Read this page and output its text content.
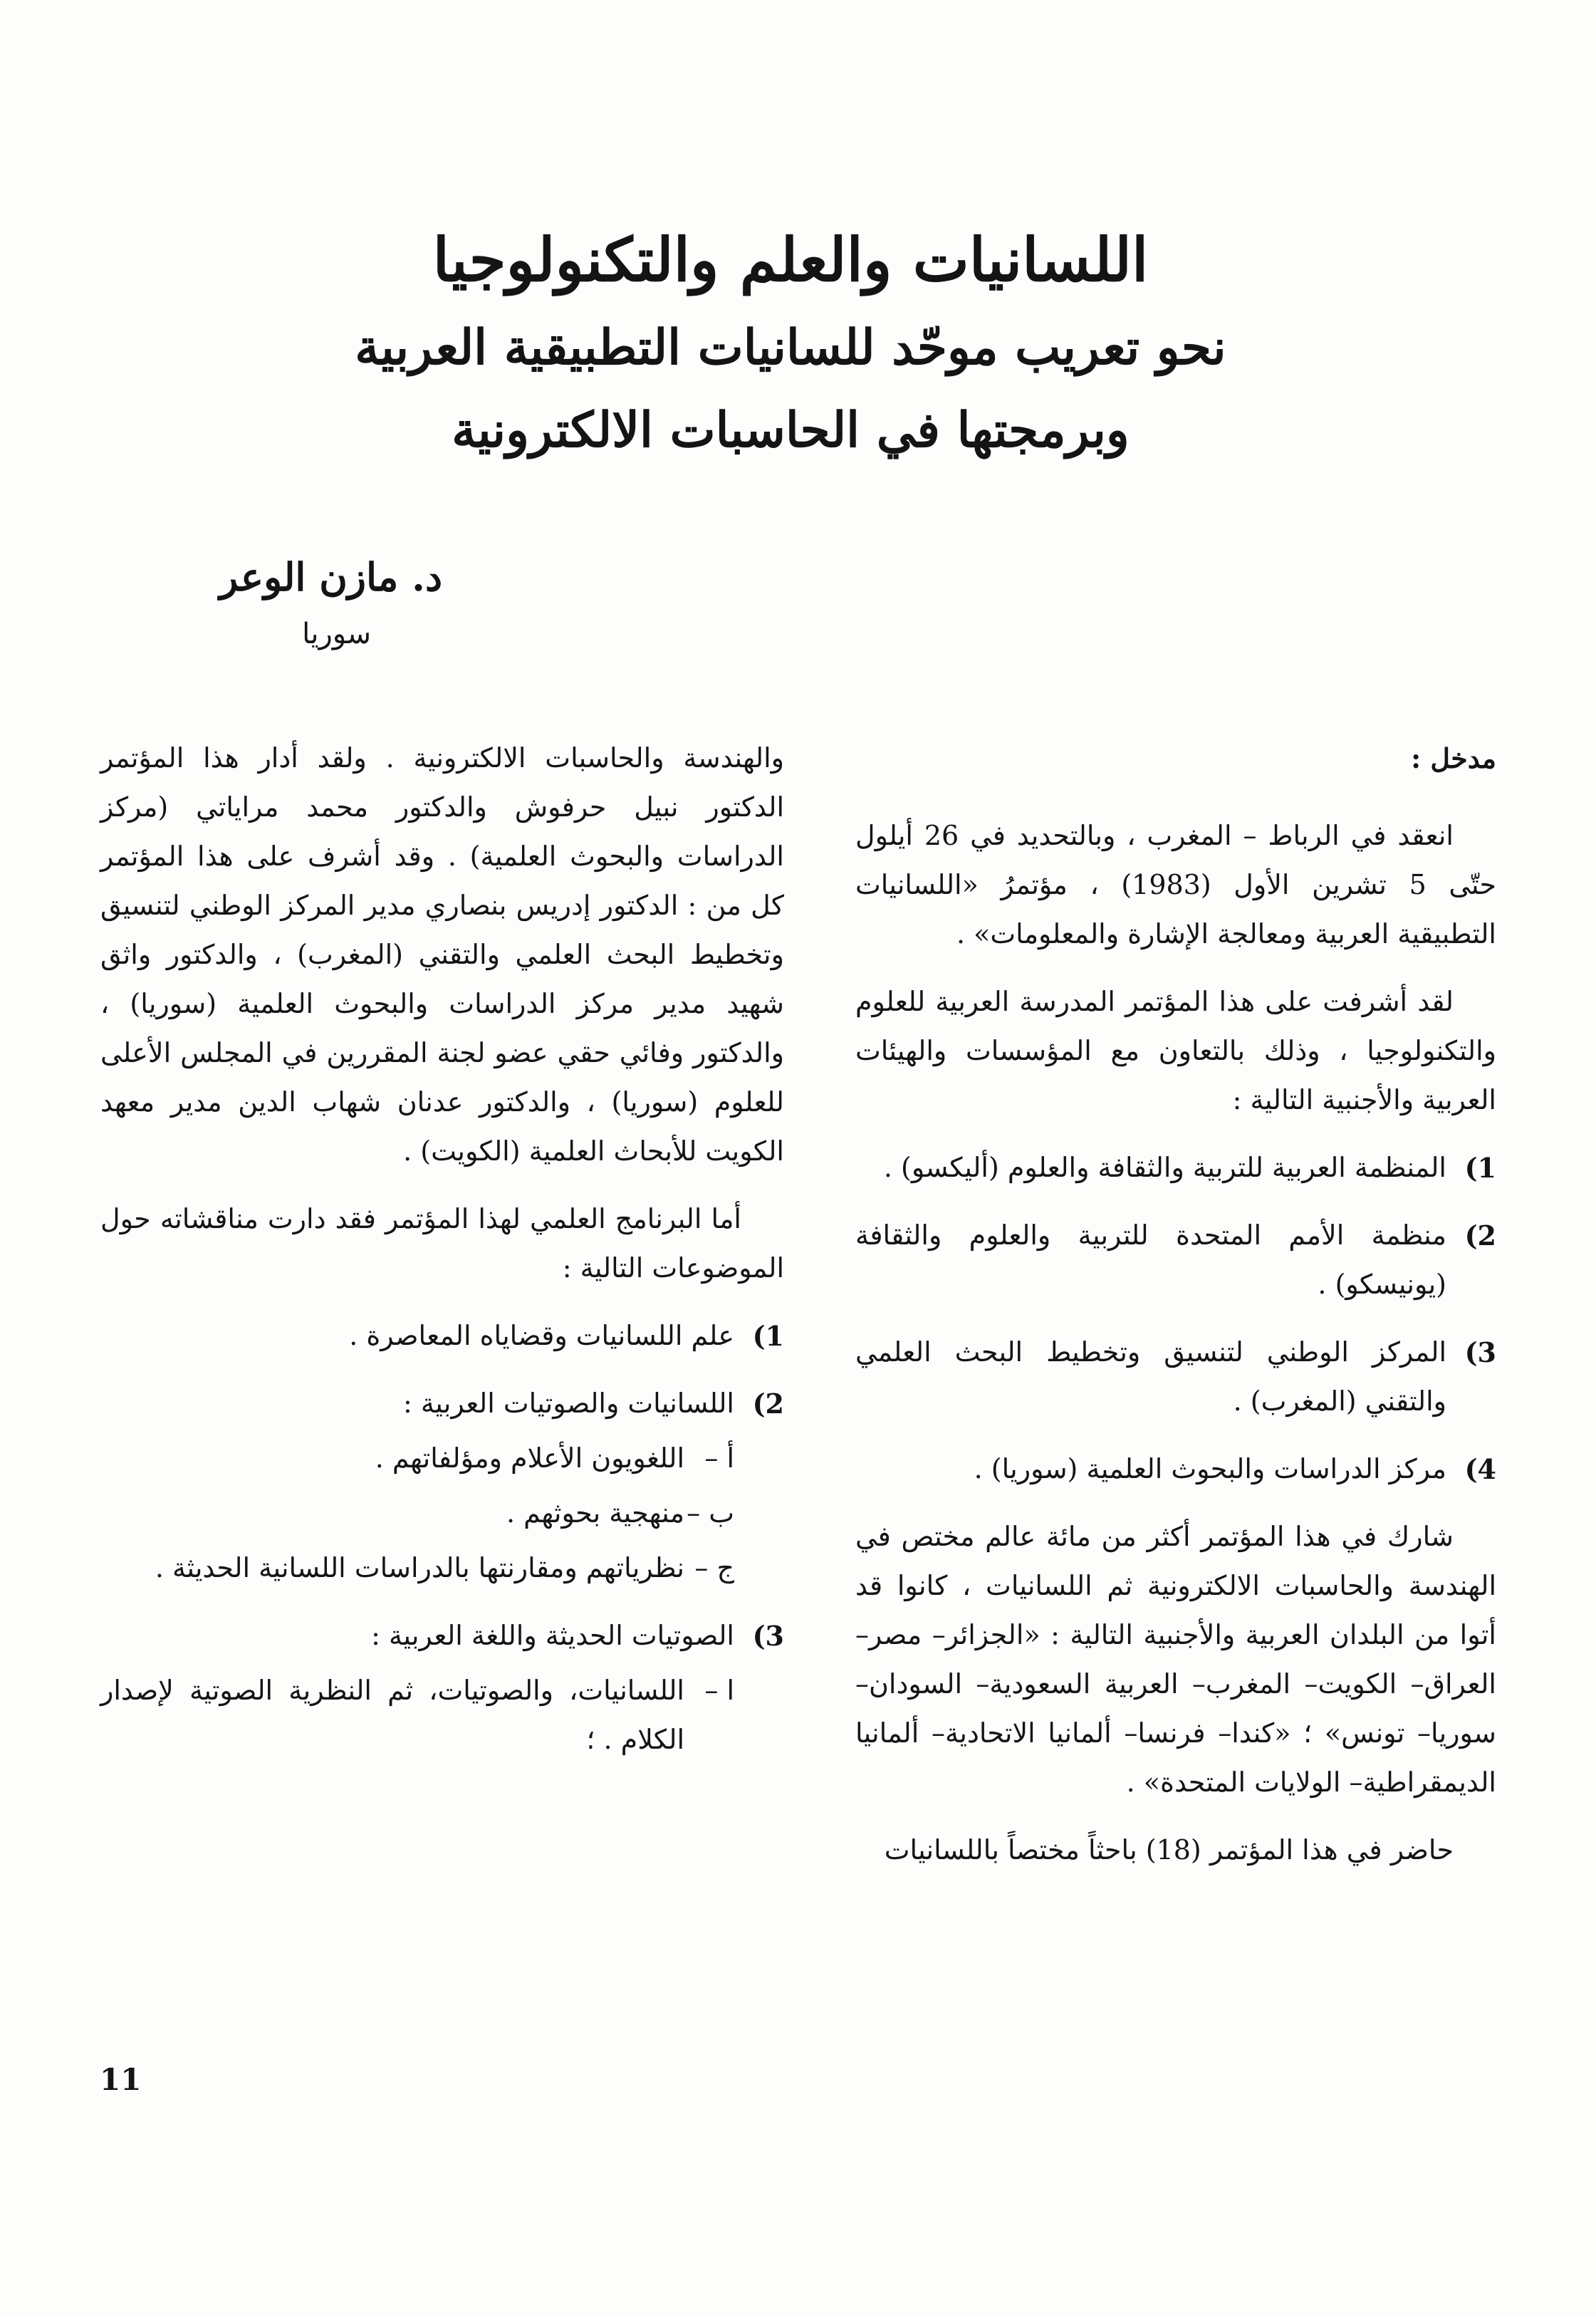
اللسانيات والعلم والتكنولوجيا

نحو تعريب موحّد للسانيات التطبيقية العربية

وبرمجتها في الحاسبات الالكترونية

د. مازن الوعر
سوريا

مدخل :

انعقد في الرباط – المغرب ، وبالتحديد في 26 أيلول حتّى 5 تشرين الأول (1983) ، مؤتمرُ «اللسانيات التطبيقية العربية ومعالجة الإشارة والمعلومات» .

لقد أشرفت على هذا المؤتمر المدرسة العربية للعلوم والتكنولوجيا ، وذلك بالتعاون مع المؤسسات والهيئات العربية والأجنبية التالية :

1)
المنظمة العربية للتربية والثقافة والعلوم (أليكسو) .
2)
منظمة الأمم المتحدة للتربية والعلوم والثقافة (يونيسكو) .
3)
المركز الوطني لتنسيق وتخطيط البحث العلمي والتقني (المغرب) .
4)
مركز الدراسات والبحوث العلمية (سوريا) .

شارك في هذا المؤتمر أكثر من مائة عالم مختص في الهندسة والحاسبات الالكترونية ثم اللسانيات ، كانوا قد أتوا من البلدان العربية والأجنبية التالية : «الجزائر– مصر– العراق– الكويت– المغرب– العربية السعودية– السودان– سوريا– تونس» ؛ «كندا– فرنسا– ألمانيا الاتحادية– ألمانيا الديمقراطية– الولايات المتحدة» .

حاضر في هذا المؤتمر (18) باحثاً مختصاً باللسانيات

والهندسة والحاسبات الالكترونية . ولقد أدار هذا المؤتمر الدكتور نبيل حرفوش والدكتور محمد مراياتي (مركز الدراسات والبحوث العلمية) . وقد أشرف على هذا المؤتمر كل من : الدكتور إدريس بنصاري مدير المركز الوطني لتنسيق وتخطيط البحث العلمي والتقني (المغرب) ، والدكتور واثق شهيد مدير مركز الدراسات والبحوث العلمية (سوريا) ، والدكتور وفائي حقي عضو لجنة المقررين في المجلس الأعلى للعلوم (سوريا) ، والدكتور عدنان شهاب الدين مدير معهد الكويت للأبحاث العلمية (الكويت) .

أما البرنامج العلمي لهذا المؤتمر فقد دارت مناقشاته حول الموضوعات التالية :

1)
علم اللسانيات وقضاياه المعاصرة .
2)
اللسانيات والصوتيات العربية :
أ –
اللغويون الأعلام ومؤلفاتهم .
ب –
منهجية بحوثهم .
ج –
نظرياتهم ومقارنتها بالدراسات اللسانية الحديثة .
3)
الصوتيات الحديثة واللغة العربية :
ا –
اللسانيات، والصوتيات، ثم النظرية الصوتية لإصدار الكلام . ؛
11
